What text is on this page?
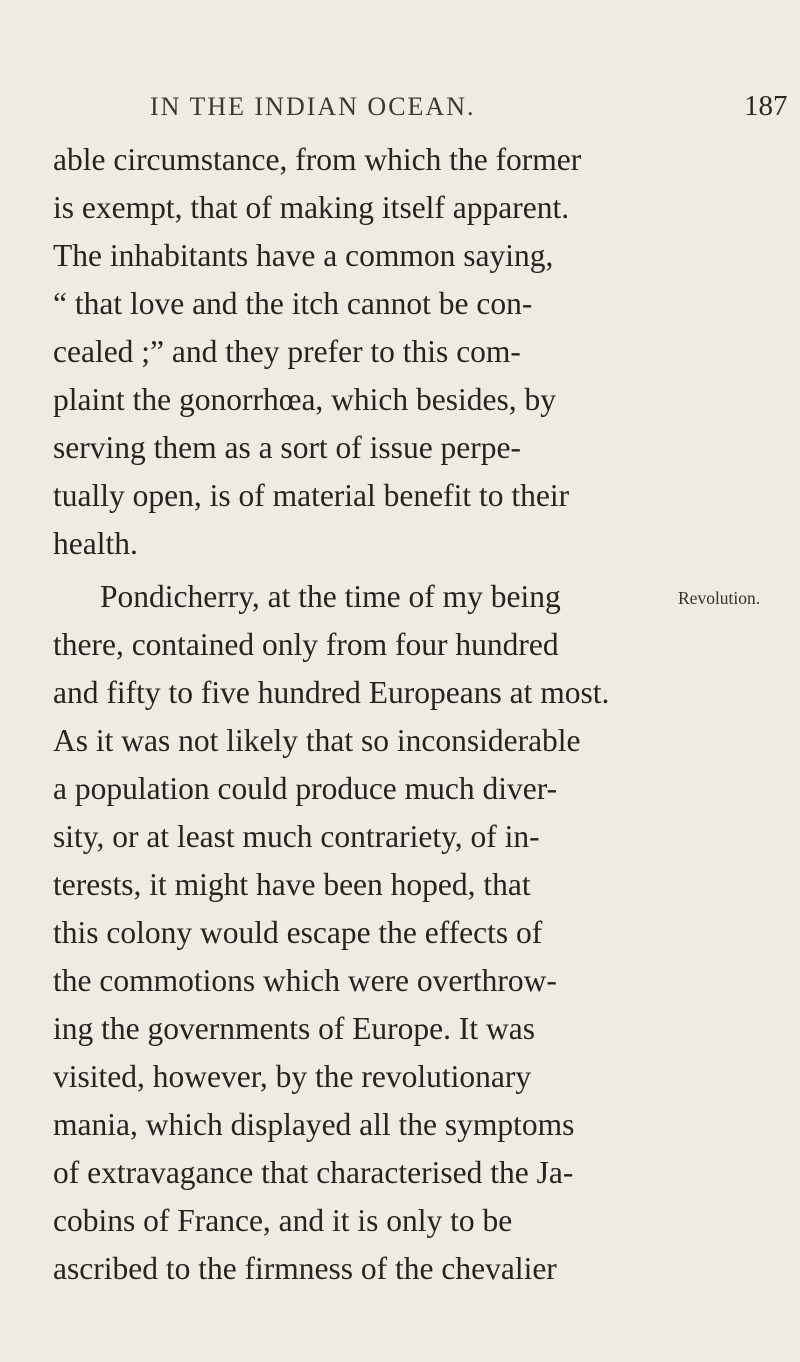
IN THE INDIAN OCEAN.	187
able circumstance, from which the former
is exempt, that of making itself apparent.
The inhabitants have a common saying,
“ that love and the itch cannot be con-
cealed ;” and they prefer to this com-
plaint the gonorrhœa, which besides, by
serving them as a sort of issue perpe-
tually open, is of material benefit to their
health.
Revolution.
Pondicherry, at the time of my being
there, contained only from four hundred
and fifty to five hundred Europeans at most.
As it was not likely that so inconsiderable
a population could produce much diver-
sity, or at least much contrariety, of in-
terests, it might have been hoped, that
this colony would escape the effects of
the commotions which were overthrow-
ing the governments of Europe. It was
visited, however, by the revolutionary
mania, which displayed all the symptoms
of extravagance that characterised the Ja-
cobins of France, and it is only to be
ascribed to the firmness of the chevalier
